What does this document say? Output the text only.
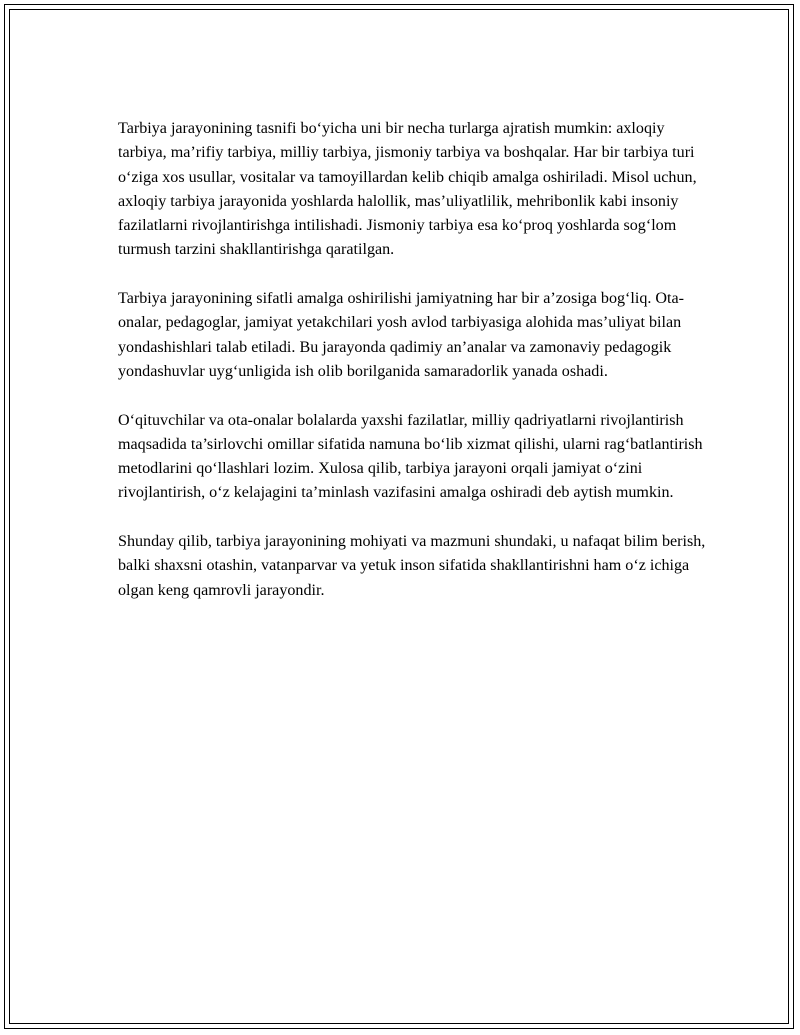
Tarbiya jarayonining tasnifi bo‘yicha uni bir necha turlarga ajratish mumkin: axloqiy tarbiya, ma’rifiy tarbiya, milliy tarbiya, jismoniy tarbiya va boshqalar. Har bir tarbiya turi o‘ziga xos usullar, vositalar va tamoyillardan kelib chiqib amalga oshiriladi. Misol uchun, axloqiy tarbiya jarayonida yoshlarda halollik, mas’uliyatlilik, mehribonlik kabi insoniy fazilatlarni rivojlantirishga intilishadi. Jismoniy tarbiya esa ko‘proq yoshlarda sog‘lom turmush tarzini shakllantirishga qaratilgan.

Tarbiya jarayonining sifatli amalga oshirilishi jamiyatning har bir a’zosiga bog‘liq. Ota-onalar, pedagoglar, jamiyat yetakchilari yosh avlod tarbiyasiga alohida mas’uliyat bilan yondashishlari talab etiladi. Bu jarayonda qadimiy an’analar va zamonaviy pedagogik yondashuvlar uyg‘unligida ish olib borilganida samaradorlik yanada oshadi.

O‘qituvchilar va ota-onalar bolalarda yaxshi fazilatlar, milliy qadriyatlarni rivojlantirish maqsadida ta’sirlovchi omillar sifatida namuna bo‘lib xizmat qilishi, ularni rag‘batlantirish metodlarini qo‘llashlari lozim. Xulosa qilib, tarbiya jarayoni orqali jamiyat o‘zini rivojlantirish, o‘z kelajagini ta’minlash vazifasini amalga oshiradi deb aytish mumkin.

Shunday qilib, tarbiya jarayonining mohiyati va mazmuni shundaki, u nafaqat bilim berish, balki shaxsni otashin, vatanparvar va yetuk inson sifatida shakllantirishni ham o‘z ichiga olgan keng qamrovli jarayondir.
